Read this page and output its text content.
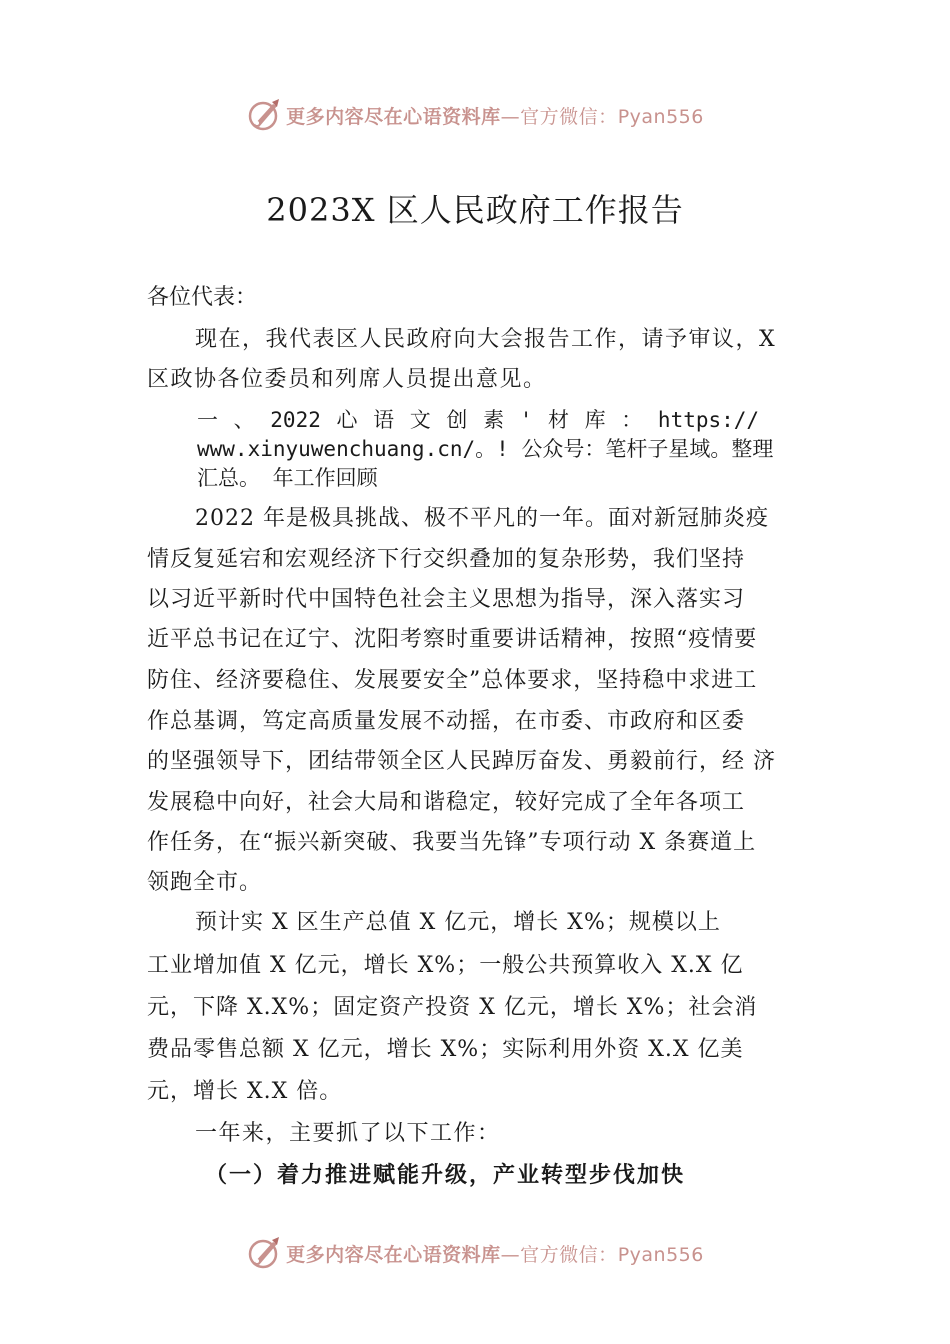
更多内容尽在心语资料库—官方微信：Pyan556
2023X 区人民政府工作报告
各位代表：
现在，我代表区人民政府向大会报告工作，请予审议，X
区政协各位委员和列席人员提出意见。
一 、 2022 心 语 文 创 素 ' 材 库 ： https://
www.xinyuwenchuang.cn/。! 公众号：笔杆子星域。整理
汇总。 年工作回顾
2022 年是极具挑战、极不平凡的一年。面对新冠肺炎疫
情反复延宕和宏观经济下行交织叠加的复杂形势，我们坚持
以习近平新时代中国特色社会主义思想为指导，深入落实习
近平总书记在辽宁、沈阳考察时重要讲话精神，按照“疫情要
防住、经济要稳住、发展要安全”总体要求，坚持稳中求进工
作总基调，笃定高质量发展不动摇，在市委、市政府和区委
的坚强领导下，团结带领全区人民踔厉奋发、勇毅前行，经 济
发展稳中向好，社会大局和谐稳定，较好完成了全年各项工
作任务，在“振兴新突破、我要当先锋”专项行动 X 条赛道上
领跑全市。
预计实 X 区生产总值 X 亿元，增长 X%；规模以上
工业增加值 X 亿元，增长 X%；一般公共预算收入 X.X 亿
元，下降 X.X%；固定资产投资 X 亿元，增长 X%；社会消
费品零售总额 X 亿元，增长 X%；实际利用外资 X.X 亿美
元，增长 X.X 倍。
一年来，主要抓了以下工作：
（一）着力推进赋能升级，产业转型步伐加快
更多内容尽在心语资料库—官方微信：Pyan556
